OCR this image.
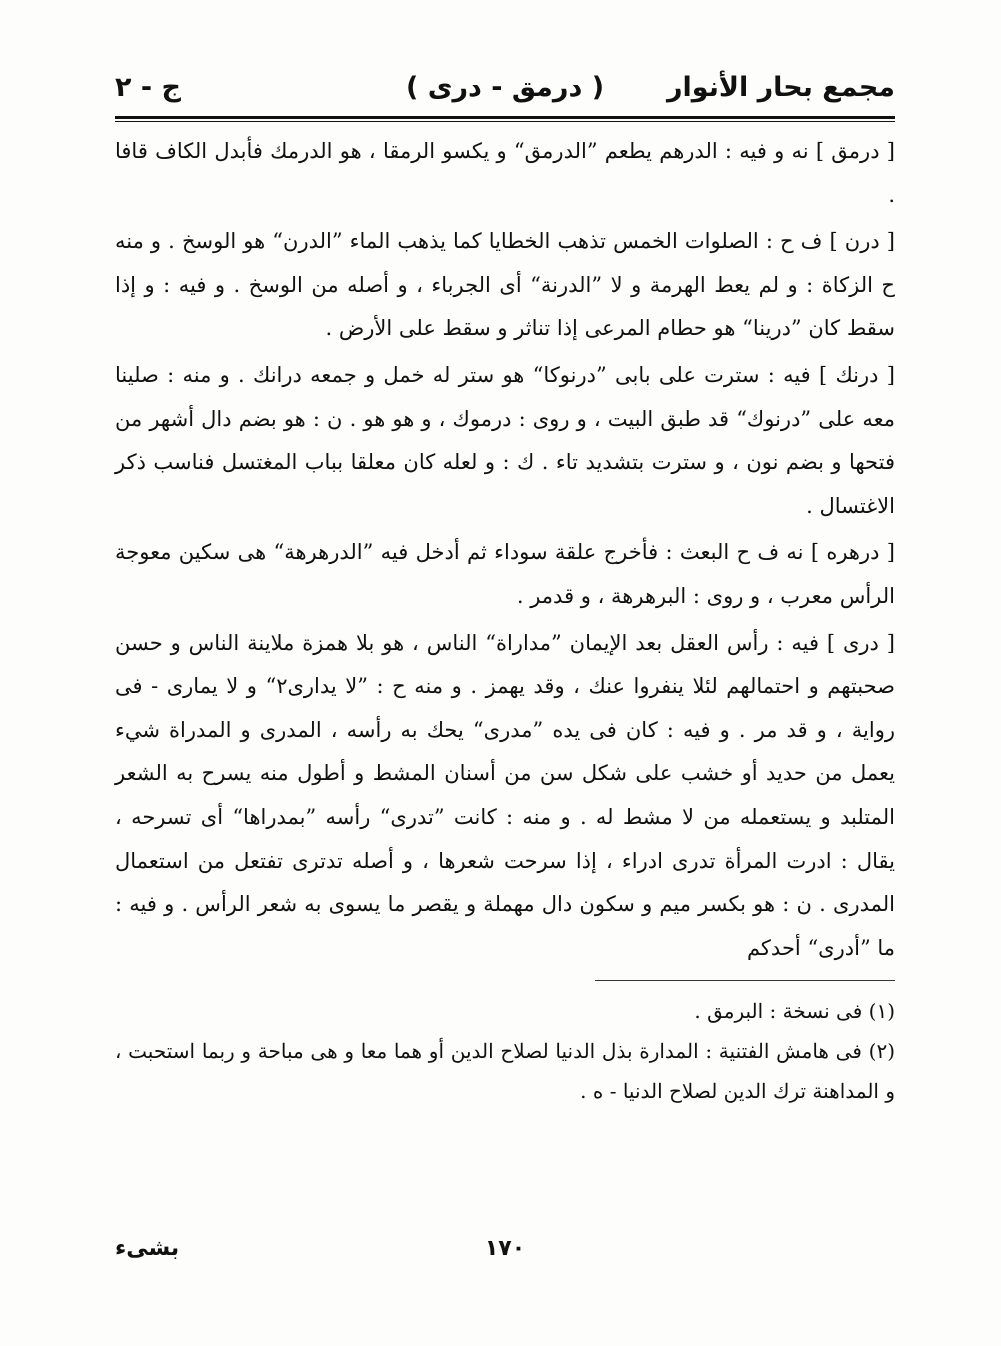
مجمع بحار الأنوار
( درمق - درى )
ج - ٢

[ درمق ] نه و فيه : الدرهم يطعم ”الدرمق“ و يكسو الرمقا ، هو الدرمك فأبدل الكاف قافا .

[ درن ] ف ح : الصلوات الخمس تذهب الخطايا كما يذهب الماء ”الدرن“ هو الوسخ . و منه ح الزكاة : و لم يعط الهرمة و لا ”الدرنة“ أى الجرباء ، و أصله من الوسخ . و فيه : و إذا سقط كان ”درينا“ هو حطام المرعى إذا تناثر و سقط على الأرض .

[ درنك ] فيه : سترت على بابى ”درنوكا“ هو ستر له خمل و جمعه درانك . و منه : صلينا معه على ”درنوك“ قد طبق البيت ، و روى : درموك ، و هو هو . ن : هو بضم دال أشهر من فتحها و بضم نون ، و سترت بتشديد تاء . ك : و لعله كان معلقا بباب المغتسل فناسب ذكر الاغتسال .

[ درهره ] نه ف ح البعث : فأخرج علقة سوداء ثم أدخل فيه ”الدرهرهة“ هى سكين معوجة الرأس معرب ، و روى : البرهرهة ، و قدمر .

[ درى ] فيه : رأس العقل بعد الإيمان ”مداراة“ الناس ، هو بلا همزة ملاينة الناس و حسن صحبتهم و احتمالهم لئلا ينفروا عنك ، وقد يهمز . و منه ح : ”لا يدارى٢“ و لا يمارى - فى رواية ، و قد مر . و فيه : كان فى يده ”مدرى“ يحك به رأسه ، المدرى و المدراة شيء يعمل من حديد أو خشب على شكل سن من أسنان المشط و أطول منه يسرح به الشعر المتلبد و يستعمله من لا مشط له . و منه : كانت ”تدرى“ رأسه ”بمدراها“ أى تسرحه ، يقال : ادرت المرأة تدرى ادراء ، إذا سرحت شعرها ، و أصله تدترى تفتعل من استعمال المدرى . ن : هو بكسر ميم و سكون دال مهملة و يقصر ما يسوى به شعر الرأس . و فيه : ما ”أدرى“ أحدكم

(١) فى نسخة : البرمق .
(٢) فى هامش الفتنية : المدارة بذل الدنيا لصلاح الدين أو هما معا و هى مباحة و ربما استحبت ، و المداهنة ترك الدين لصلاح الدنيا - ه .
١٧٠
بشىء
